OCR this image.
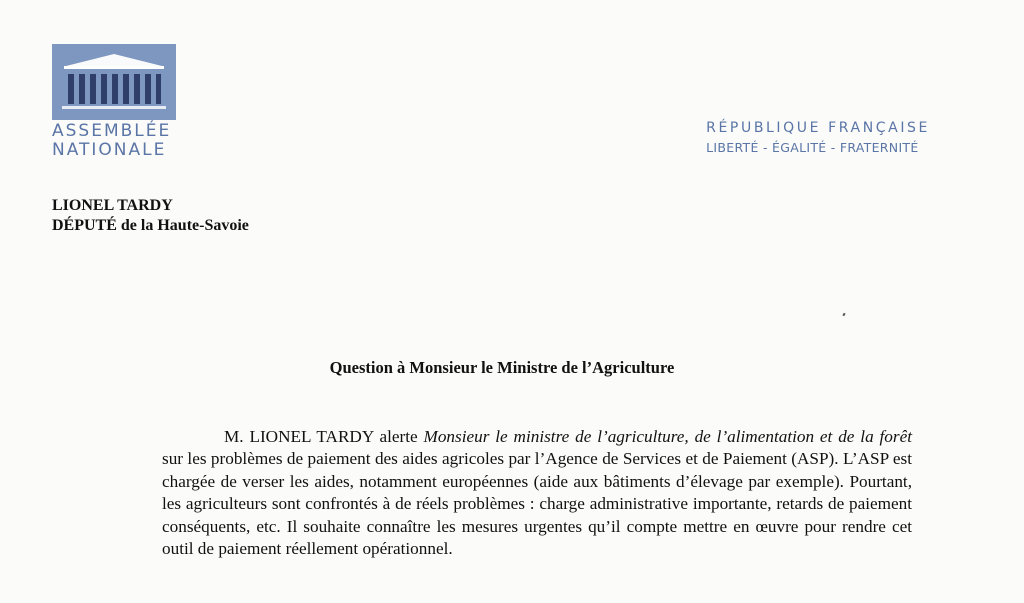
ASSEMBLÉE
NATIONALE
RÉPUBLIQUE FRANÇAISE
LIBERTÉ - ÉGALITÉ - FRATERNITÉ
LIONEL TARDY
DÉPUTÉ de la Haute-Savoie
Question à Monsieur le Ministre de l’Agriculture
M. LIONEL TARDY alerte Monsieur le ministre de l’agriculture, de l’alimentation et de la forêt sur les problèmes de paiement des aides agricoles par l’Agence de Services et de Paiement (ASP). L’ASP est chargée de verser les aides, notamment européennes (aide aux bâtiments d’élevage par exemple). Pourtant, les agriculteurs sont confrontés à de réels problèmes : charge administrative importante, retards de paiement conséquents, etc. Il souhaite connaître les mesures urgentes qu’il compte mettre en œuvre pour rendre cet outil de paiement réellement opérationnel.
